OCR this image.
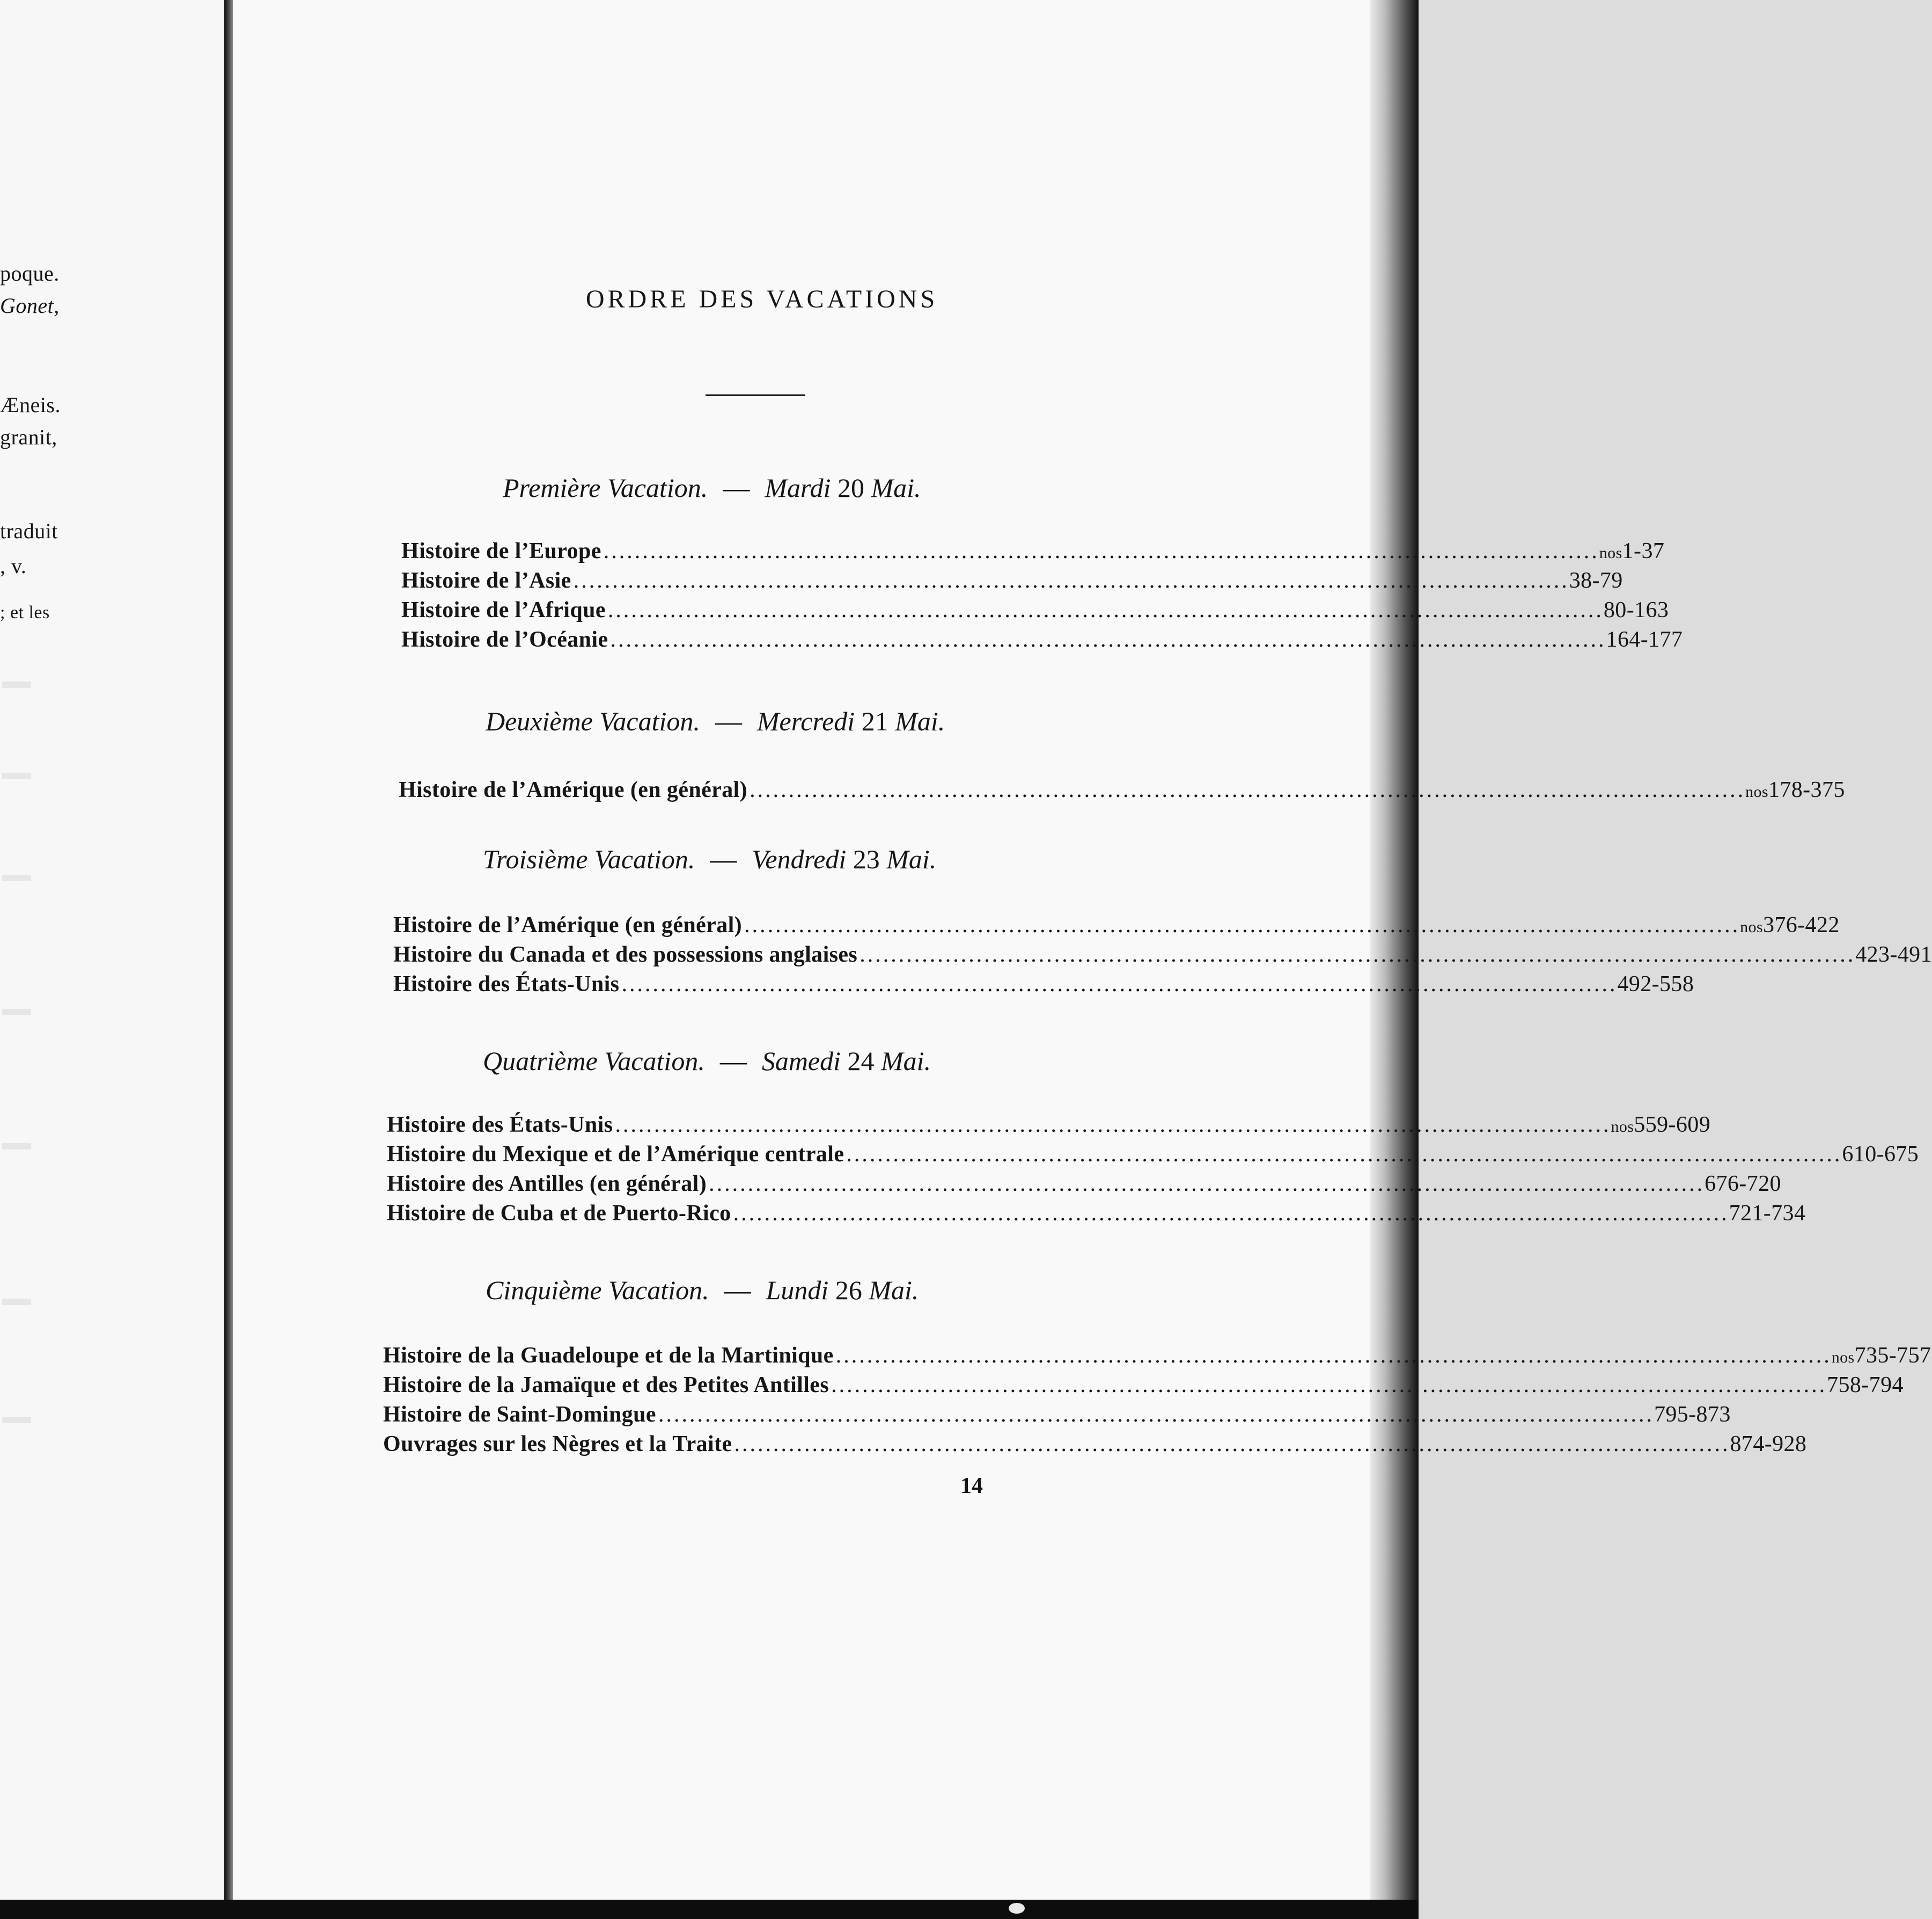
poque.
Gonet,
Æneis.
granit,
traduit
, v.
; et les
ORDRE DES VACATIONS
Première Vacation. — Mardi 20 Mai.
Histoire de l’Europe ................................................................................................................................ nos 1-37
Histoire de l’Asie ................................................................................................................................ 38-79
Histoire de l’Afrique ................................................................................................................................ 80-163
Histoire de l’Océanie ................................................................................................................................ 164-177
Deuxième Vacation. — Mercredi 21 Mai.
Histoire de l’Amérique (en général) ................................................................................................................................ nos 178-375
Troisième Vacation. — Vendredi 23 Mai.
Histoire de l’Amérique (en général) ................................................................................................................................ nos 376-422
Histoire du Canada et des possessions anglaises ................................................................................................................................ 423-491
Histoire des États-Unis ................................................................................................................................ 492-558
Quatrième Vacation. — Samedi 24 Mai.
Histoire des États-Unis ................................................................................................................................ nos 559-609
Histoire du Mexique et de l’Amérique centrale ................................................................................................................................ 610-675
Histoire des Antilles (en général) ................................................................................................................................ 676-720
Histoire de Cuba et de Puerto-Rico ................................................................................................................................ 721-734
Cinquième Vacation. — Lundi 26 Mai.
Histoire de la Guadeloupe et de la Martinique ................................................................................................................................ nos 735-757
Histoire de la Jamaïque et des Petites Antilles ................................................................................................................................ 758-794
Histoire de Saint-Domingue ................................................................................................................................ 795-873
Ouvrages sur les Nègres et la Traite ................................................................................................................................ 874-928
14
